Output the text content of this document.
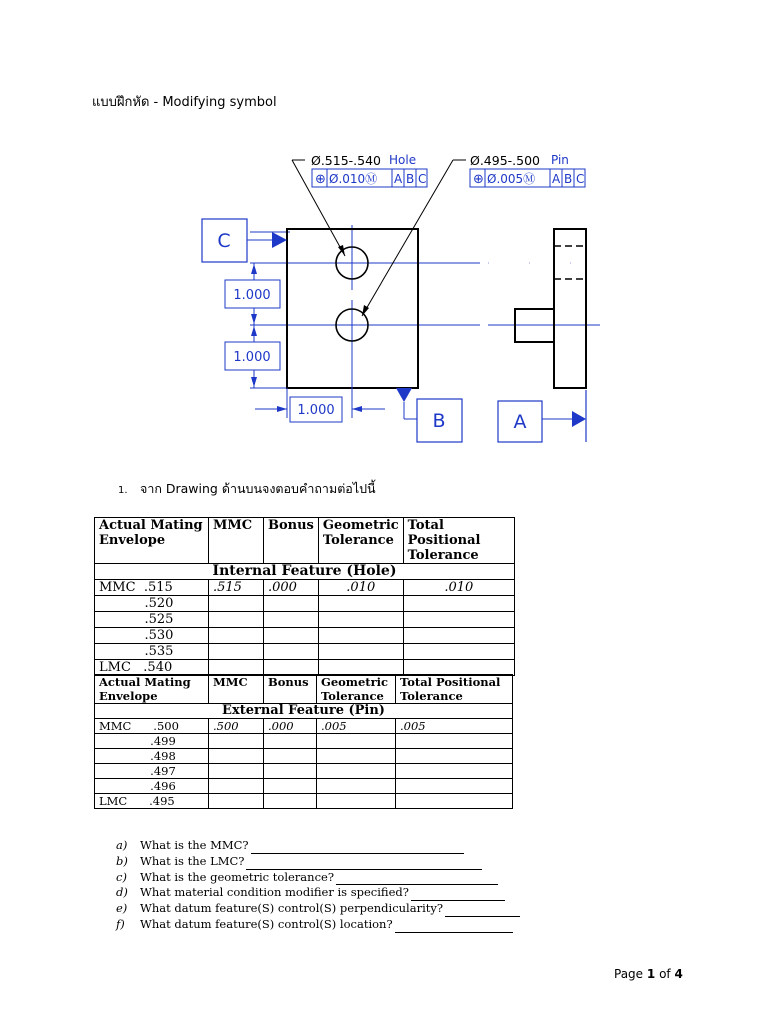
แบบฝึกหัด - Modifying symbol
Ø.515-.540 Hole
⊕ Ø.010Ⓜ A B C
Ø.495-.500 Pin
⊕ Ø.005Ⓜ A B C
C
1.000
1.000
1.000	B	A
1. จาก Drawing ด้านบนจงตอบคำถามต่อไปนี้
Actual Mating
Envelope	MMC	Bonus	Geometric
Tolerance	Total Positional
Tolerance
Internal Feature (Hole)				
MMC  .515	.515	.000	.010	.010
.520				
.525				
.530				
.535				
LMC   .540				
Actual Mating
Envelope	MMC	Bonus	Geometric
Tolerance	Total Positional
Tolerance
External Feature (Pin)				
MMC      .500	.500	.000	.005	.005
.499				
.498				
.497				
.496				
LMC      .495				
a)	What is the MMC?
b)	What is the LMC?
c)	What is the geometric tolerance?
d)	What material condition modifier is specified?
e)	What datum feature(S) control(S) perpendicularity?
f)	What datum feature(S) control(S) location?
Page 1 of 4
